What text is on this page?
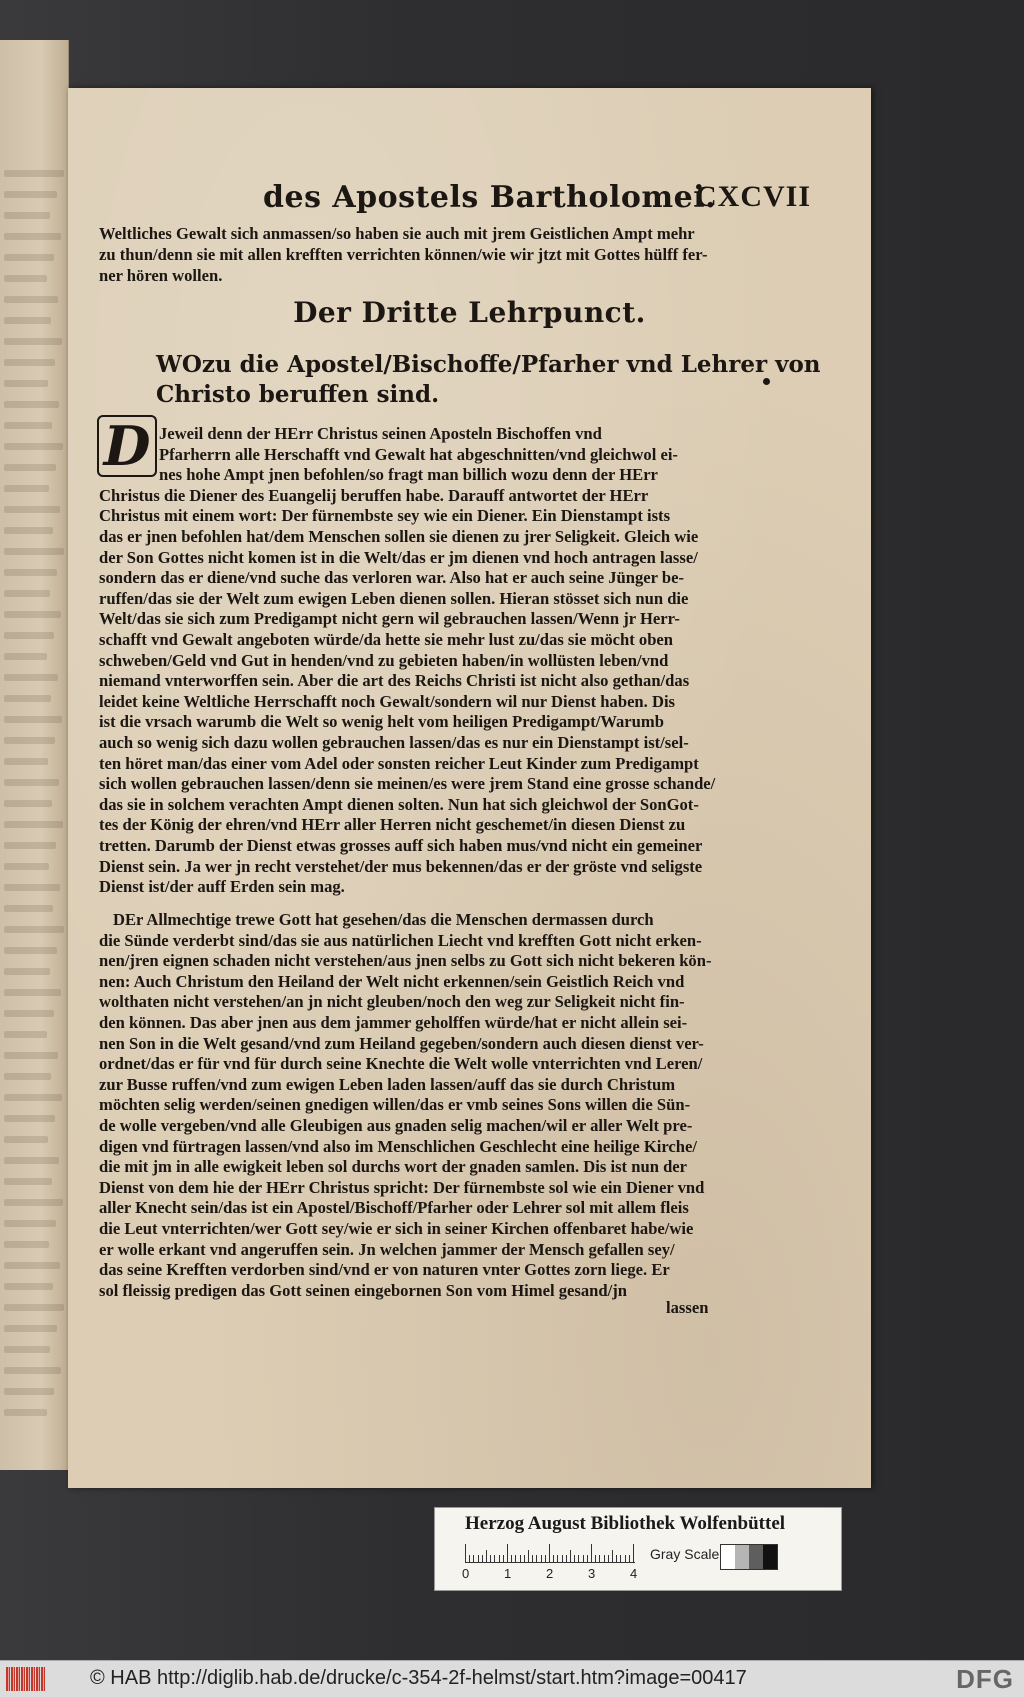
des Apostels Bartholomei.
CXCVII
Weltliches Gewalt sich anmassen/so haben sie auch mit jrem Geistlichen Ampt mehr
zu thun/denn sie mit allen krefften verrichten können/wie wir jtzt mit Gottes hülff fer-
ner hören wollen.
Der Dritte Lehrpunct.
WOzu die Apostel/Bischoffe/Pfarher vnd Lehrer von
Christo beruffen sind.
D Jeweil denn der HErr Christus seinen Aposteln Bischoffen vnd
Pfarherrn alle Herschafft vnd Gewalt hat abgeschnitten/vnd gleichwol ei-
nes hohe Ampt jnen befohlen/so fragt man billich wozu denn der HErr
Christus die Diener des Euangelij beruffen habe. Darauff antwortet der HErr
Christus mit einem wort: Der fürnembste sey wie ein Diener. Ein Dienstampt ists
das er jnen befohlen hat/dem Menschen sollen sie dienen zu jrer Seligkeit. Gleich wie
der Son Gottes nicht komen ist in die Welt/das er jm dienen vnd hoch antragen lasse/
sondern das er diene/vnd suche das verloren war. Also hat er auch seine Jünger be-
ruffen/das sie der Welt zum ewigen Leben dienen sollen. Hieran stösset sich nun die
Welt/das sie sich zum Predigampt nicht gern wil gebrauchen lassen/Wenn jr Herr-
schafft vnd Gewalt angeboten würde/da hette sie mehr lust zu/das sie möcht oben
schweben/Geld vnd Gut in henden/vnd zu gebieten haben/in wollüsten leben/vnd
niemand vnterworffen sein. Aber die art des Reichs Christi ist nicht also gethan/das
leidet keine Weltliche Herrschafft noch Gewalt/sondern wil nur Dienst haben. Dis
ist die vrsach warumb die Welt so wenig helt vom heiligen Predigampt/Warumb
auch so wenig sich dazu wollen gebrauchen lassen/das es nur ein Dienstampt ist/sel-
ten höret man/das einer vom Adel oder sonsten reicher Leut Kinder zum Predigampt
sich wollen gebrauchen lassen/denn sie meinen/es were jrem Stand eine grosse schande/
das sie in solchem verachten Ampt dienen solten. Nun hat sich gleichwol der SonGot-
tes der König der ehren/vnd HErr aller Herren nicht geschemet/in diesen Dienst zu
tretten. Darumb der Dienst etwas grosses auff sich haben mus/vnd nicht ein gemeiner
Dienst sein. Ja wer jn recht verstehet/der mus bekennen/das er der gröste vnd seligste
Dienst ist/der auff Erden sein mag.
DEr Allmechtige trewe Gott hat gesehen/das die Menschen dermassen durch
die Sünde verderbt sind/das sie aus natürlichen Liecht vnd krefften Gott nicht erken-
nen/jren eignen schaden nicht verstehen/aus jnen selbs zu Gott sich nicht bekeren kön-
nen: Auch Christum den Heiland der Welt nicht erkennen/sein Geistlich Reich vnd
wolthaten nicht verstehen/an jn nicht gleuben/noch den weg zur Seligkeit nicht fin-
den können. Das aber jnen aus dem jammer geholffen würde/hat er nicht allein sei-
nen Son in die Welt gesand/vnd zum Heiland gegeben/sondern auch diesen dienst ver-
ordnet/das er für vnd für durch seine Knechte die Welt wolle vnterrichten vnd Leren/
zur Busse ruffen/vnd zum ewigen Leben laden lassen/auff das sie durch Christum
möchten selig werden/seinen gnedigen willen/das er vmb seines Sons willen die Sün-
de wolle vergeben/vnd alle Gleubigen aus gnaden selig machen/wil er aller Welt pre-
digen vnd fürtragen lassen/vnd also im Menschlichen Geschlecht eine heilige Kirche/
die mit jm in alle ewigkeit leben sol durchs wort der gnaden samlen. Dis ist nun der
Dienst von dem hie der HErr Christus spricht: Der fürnembste sol wie ein Diener vnd
aller Knecht sein/das ist ein Apostel/Bischoff/Pfarher oder Lehrer sol mit allem fleis
die Leut vnterrichten/wer Gott sey/wie er sich in seiner Kirchen offenbaret habe/wie
er wolle erkant vnd angeruffen sein. Jn welchen jammer der Mensch gefallen sey/
das seine Krefften verdorben sind/vnd er von naturen vnter Gottes zorn liege. Er
sol fleissig predigen das Gott seinen eingebornen Son vom Himel gesand/jn
lassen
Herzog August Bibliothek Wolfenbüttel
0	1	2	3	4
Gray Scale
© HAB http://diglib.hab.de/drucke/c-354-2f-helmst/start.htm?image=00417	DFG
